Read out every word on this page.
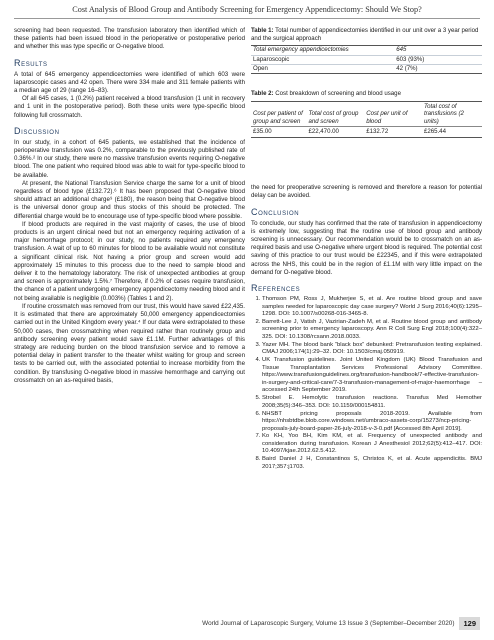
Cost Analysis of Blood Group and Antibody Screening for Emergency Appendicectomy: Should We Stop?

screening had been requested. The transfusion laboratory then identified which of these patients had been issued blood in the perioperative or postoperative period and whether this was type specific or O-negative blood.

Results

A total of 645 emergency appendicectomies were identified of which 603 were laparoscopic cases and 42 open. There were 334 male and 311 female patients with a median age of 29 (range 16–83).

Of all 645 cases, 1 (0.2%) patient received a blood transfusion (1 unit in recovery and 1 unit in the postoperative period). Both these units were type-specific blood following full crossmatch.

Discussion

In our study, in a cohort of 645 patients, we established that the incidence of perioperative transfusion was 0.2%, comparable to the previously published rate of 0.36%.² In our study, there were no massive transfusion events requiring O-negative blood. The one patient who required blood was able to wait for type-specific blood to be available.

At present, the National Transfusion Service charge the same for a unit of blood regardless of blood type (£132.72).⁶ It has been proposed that O-negative blood should attract an additional charge⁹ (£180), the reason being that O-negative blood is the universal donor group and thus stocks of this should be protected. The differential charge would be to encourage use of type-specific blood where possible.

If blood products are required in the vast majority of cases, the use of blood products is an urgent clinical need but not an emergency requiring activation of a major hemorrhage protocol; in our study, no patients required any emergency transfusion. A wait of up to 60 minutes for blood to be available would not constitute a significant clinical risk. Not having a prior group and screen would add approximately 15 minutes to this process due to the need to sample blood and deliver it to the hematology laboratory. The risk of unexpected antibodies at group and screen is approximately 1.5%.⁷ Therefore, if 0.2% of cases require transfusion, the chance of a patient undergoing emergency appendicectomy needing blood and it not being available is negligible (0.003%) (Tables 1 and 2).

If routine crossmatch was removed from our trust, this would have saved £22,435. It is estimated that there are approximately 50,000 emergency appendicectomies carried out in the United Kingdom every year.⁴ If our data were extrapolated to these 50,000 cases, then crossmatching when required rather than routinely group and antibody screening every patient would save £1.1M. Further advantages of this strategy are reducing burden on the blood transfusion service and to remove a potential delay in patient transfer to the theater whilst waiting for group and screen tests to be carried out, with the associated potential to increase morbidity from the condition. By transfusing O-negative blood in massive hemorrhage and carrying out crossmatch on an as-required basis,

Table 1: Total number of appendicectomies identified in our unit over a 3 year period and the surgical approach
Total emergency appendicectomies	645
Laparoscopic	603 (93%)
Open	42 (7%)
Table 2: Cost breakdown of screening and blood usage
Cost per patient of group and screen	Total cost of group and screen	Cost per unit of blood	Total cost of transfusions (2 units)
£35.00	£22,470.00	£132.72	£265.44

the need for preoperative screening is removed and therefore a reason for potential delay can be avoided.

Conclusion

To conclude, our study has confirmed that the rate of transfusion in appendicectomy is extremely low, suggesting that the routine use of blood group and antibody screening is unnecessary. Our recommendation would be to crossmatch on an as-required basis and use O-negative where urgent blood is required. The potential cost saving of this practice to our trust would be £22345, and if this were extrapolated across the NHS, this could be in the region of £1.1M with very little impact on the demand for O-negative blood.

References
1. Thomson PM, Ross J, Mukherjee S, et al. Are routine blood group and save samples needed for laparoscopic day case surgery? World J Surg 2016;40(6):1295–1298. DOI: 10.1007/s00268-016-3465-8.
2. Barrett-Lee J, Vatish J, Vazirian-Zadeh M, et al. Routine blood group and antibody screening prior to emergency laparoscopy. Ann R Coll Surg Engl 2018;100(4):322–325. DOI: 10.1308/rcsann.2018.0033.
3. Yazer MH. The blood bank “black box” debunked: Pretransfusion testing explained. CMAJ 2006;174(1):29–32. DOI: 10.1503/cmaj.050919.
4. UK Transfusion guidelines. Joint United Kingdom (UK) Blood Transfusion and Tissue Transplantation Services Professional Advisory Committee. https://www.transfusionguidelines.org/transfusion-handbook/7-effective-transfusion-in-surgery-and-critical-care/7-3-transfusion-management-of-major-haemorrhage – accessed 24th September 2019.
5. Strobel E. Hemolytic transfusion reactions. Transfus Med Hemother 2008;35(5):346–353. DOI: 10.1159/000154811.
6. NHSBT pricing proposals 2018-2019. Available from https://nhsbtdbe.blob.core.windows.net/umbraco-assets-corp/15273/ncp-pricing-proposals-july-board-paper-26-july-2018-v-3-0.pdf [Accessed 8th April 2019].
7. Ko KH, Yoo BH, Kim KM, et al. Frequency of unexpected antibody and consideration during transfusion. Korean J Anesthesiol 2012;62(5):412–417. DOI: 10.4097/kjae.2012.62.5.412.
8. Baird Daniel J H, Constantinos S, Christos K, et al. Acute appendicitis. BMJ 2017;357:j1703.
World Journal of Laparoscopic Surgery, Volume 13 Issue 3 (September–December 2020)	129
